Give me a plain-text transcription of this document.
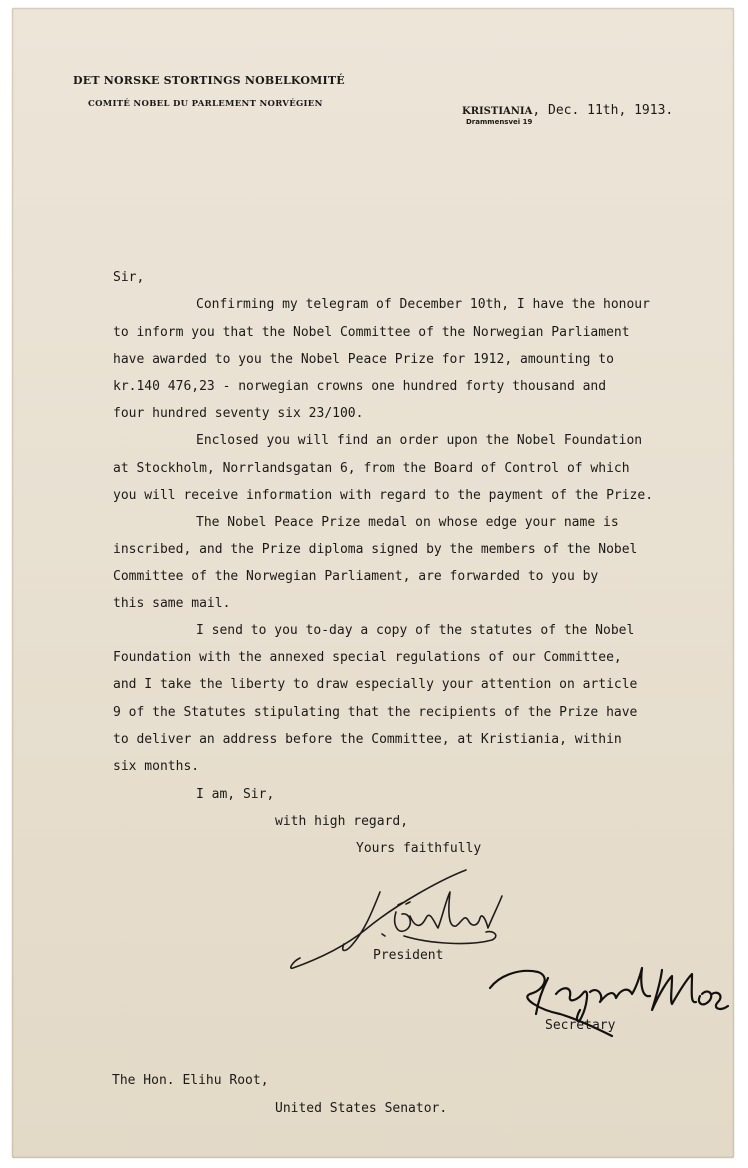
DET NORSKE STORTINGS NOBELKOMITÉ

COMITÉ NOBEL DU PARLEMENT NORVÉGIEN

KRISTIANIA, Dec. 11th, 1913.

Drammensvei 19

Sir,

Confirming my telegram of December 10th, I have the honour

to inform you that the Nobel Committee of the Norwegian Parliament

have awarded to you the Nobel Peace Prize for 1912, amounting to

kr.140 476,23 - norwegian crowns one hundred forty thousand and

four hundred seventy six 23/100.

Enclosed you will find an order upon the Nobel Foundation

at Stockholm, Norrlandsgatan 6, from the Board of Control of which

you will receive information with regard to the payment of the Prize.

The Nobel Peace Prize medal on whose edge your name is

inscribed, and the Prize diploma signed by the members of the Nobel

Committee of the Norwegian Parliament, are forwarded to you by

this same mail.

I send to you to-day a copy of the statutes of the Nobel

Foundation with the annexed special regulations of our Committee,

and I take the liberty to draw especially your attention on article

9 of the Statutes stipulating that the recipients of the Prize have

to deliver an address before the Committee, at Kristiania, within

six months.

I am, Sir,

with high regard,

Yours faithfully

President

Secretary

The Hon. Elihu Root,

United States Senator.
